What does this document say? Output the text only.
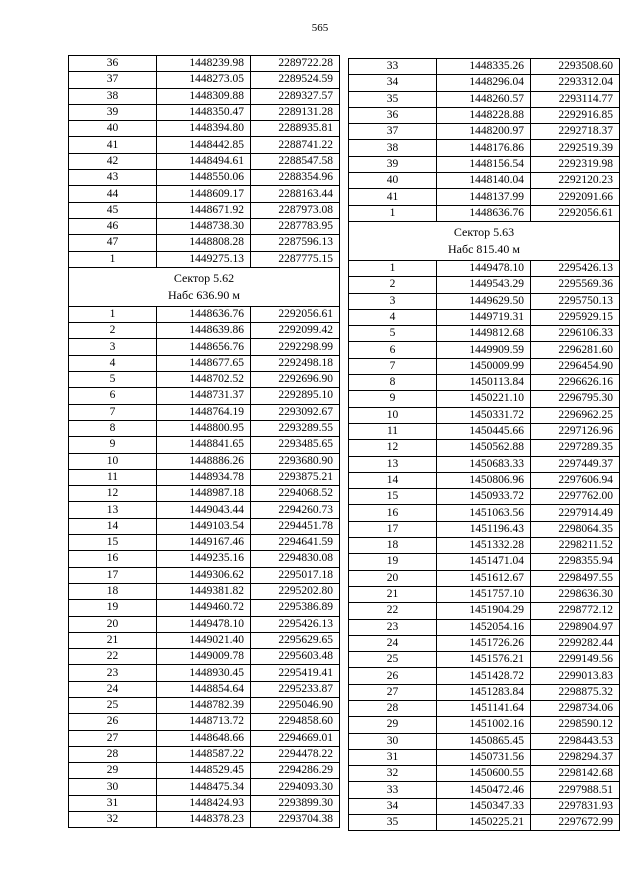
565
36	1448239.98	2289722.28
37	1448273.05	2289524.59
38	1448309.88	2289327.57
39	1448350.47	2289131.28
40	1448394.80	2288935.81
41	1448442.85	2288741.22
42	1448494.61	2288547.58
43	1448550.06	2288354.96
44	1448609.17	2288163.44
45	1448671.92	2287973.08
46	1448738.30	2287783.95
47	1448808.28	2287596.13
1	1449275.13	2287775.15

Сектор 5.62
Набс 636.90 м		

1	1448636.76	2292056.61
2	1448639.86	2292099.42
3	1448656.76	2292298.99
4	1448677.65	2292498.18
5	1448702.52	2292696.90
6	1448731.37	2292895.10
7	1448764.19	2293092.67
8	1448800.95	2293289.55
9	1448841.65	2293485.65
10	1448886.26	2293680.90
11	1448934.78	2293875.21
12	1448987.18	2294068.52
13	1449043.44	2294260.73
14	1449103.54	2294451.78
15	1449167.46	2294641.59
16	1449235.16	2294830.08
17	1449306.62	2295017.18
18	1449381.82	2295202.80
19	1449460.72	2295386.89
20	1449478.10	2295426.13
21	1449021.40	2295629.65
22	1449009.78	2295603.48
23	1448930.45	2295419.41
24	1448854.64	2295233.87
25	1448782.39	2295046.90
26	1448713.72	2294858.60
27	1448648.66	2294669.01
28	1448587.22	2294478.22
29	1448529.45	2294286.29
30	1448475.34	2294093.30
31	1448424.93	2293899.30
32	1448378.23	2293704.38
33	1448335.26	2293508.60
34	1448296.04	2293312.04
35	1448260.57	2293114.77
36	1448228.88	2292916.85
37	1448200.97	2292718.37
38	1448176.86	2292519.39
39	1448156.54	2292319.98
40	1448140.04	2292120.23
41	1448137.99	2292091.66
1	1448636.76	2292056.61

Сектор 5.63
Набс 815.40 м		

1	1449478.10	2295426.13
2	1449543.29	2295569.36
3	1449629.50	2295750.13
4	1449719.31	2295929.15
5	1449812.68	2296106.33
6	1449909.59	2296281.60
7	1450009.99	2296454.90
8	1450113.84	2296626.16
9	1450221.10	2296795.30
10	1450331.72	2296962.25
11	1450445.66	2297126.96
12	1450562.88	2297289.35
13	1450683.33	2297449.37
14	1450806.96	2297606.94
15	1450933.72	2297762.00
16	1451063.56	2297914.49
17	1451196.43	2298064.35
18	1451332.28	2298211.52
19	1451471.04	2298355.94
20	1451612.67	2298497.55
21	1451757.10	2298636.30
22	1451904.29	2298772.12
23	1452054.16	2298904.97
24	1451726.26	2299282.44
25	1451576.21	2299149.56
26	1451428.72	2299013.83
27	1451283.84	2298875.32
28	1451141.64	2298734.06
29	1451002.16	2298590.12
30	1450865.45	2298443.53
31	1450731.56	2298294.37
32	1450600.55	2298142.68
33	1450472.46	2297988.51
34	1450347.33	2297831.93
35	1450225.21	2297672.99
